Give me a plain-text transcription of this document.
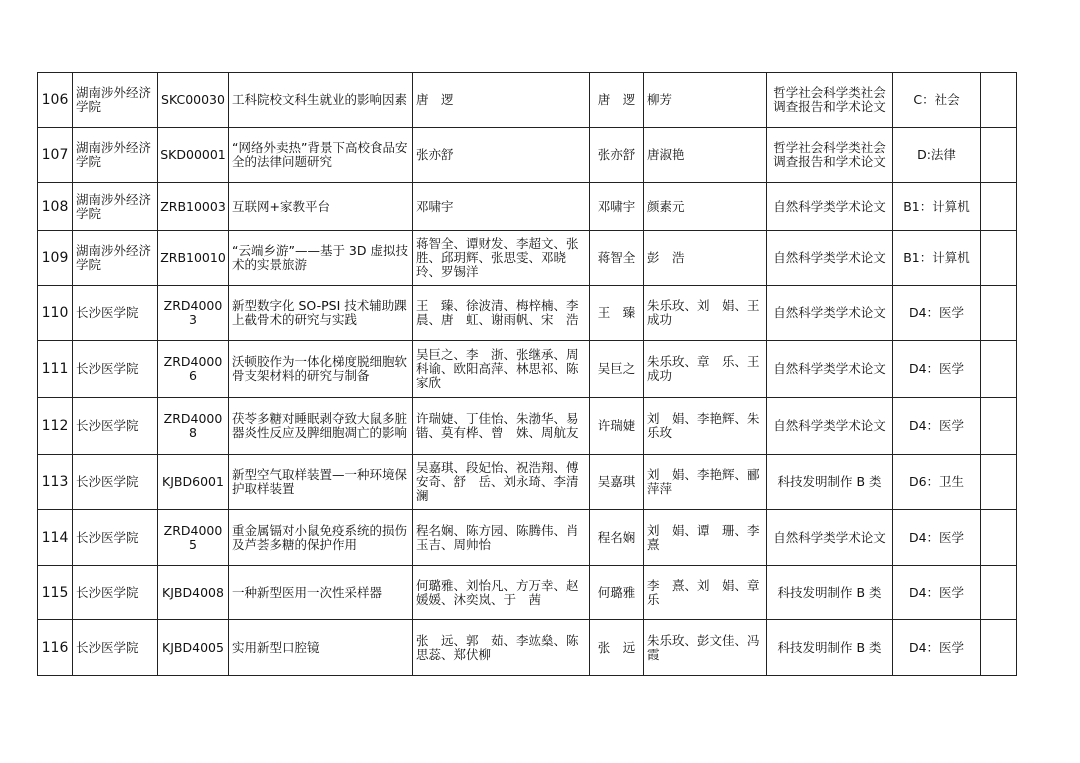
106	湖南涉外经济学院	SKC00030	工科院校文科生就业的影响因素	唐　逻	唐　逻	柳芳	哲学社会科学类社会调查报告和学术论文	C：社会	
107	湖南涉外经济学院	SKD00001	“网络外卖热”背景下高校食品安全的法律问题研究	张亦舒	张亦舒	唐淑艳	哲学社会科学类社会调查报告和学术论文	D:法律	
108	湖南涉外经济学院	ZRB10003	互联网+家教平台	邓啸宇	邓啸宇	颜素元	自然科学类学术论文	B1：计算机	
109	湖南涉外经济学院	ZRB10010	“云端乡游”——基于 3D 虚拟技术的实景旅游	蒋智全、谭财发、李超文、张　胜、邱玥辉、张思雯、邓晓玲、罗锡洋	蒋智全	彭　浩	自然科学类学术论文	B1：计算机	
110	长沙医学院	ZRD40003	新型数字化 SO-PSI 技术辅助踝上截骨术的研究与实践	王　臻、徐波清、梅梓楠、李　晨、唐　虹、谢雨帆、宋　浩	王　臻	朱乐玫、刘　娟、王成功	自然科学类学术论文	D4：医学	
111	长沙医学院	ZRD40006	沃顿胶作为一体化梯度脱细胞软骨支架材料的研究与制备	吴巨之、李　浙、张继承、周科谕、欧阳高萍、林思祁、陈家欣	吴巨之	朱乐玫、章　乐、王成功	自然科学类学术论文	D4：医学	
112	长沙医学院	ZRD40008	茯苓多糖对睡眠剥夺致大鼠多脏器炎性反应及脾细胞凋亡的影响	许瑞婕、丁佳怡、朱渤华、易　锴、莫有桦、曾　姝、周航友	许瑞婕	刘　娟、李艳辉、朱乐玫	自然科学类学术论文	D4：医学	
113	长沙医学院	KJBD6001	新型空气取样装置—一种环境保护取样装置	吴嘉琪、段妃怡、祝浩翔、傅安奇、舒　岳、刘永琦、李清澜	吴嘉琪	刘　娟、李艳辉、郦萍萍	科技发明制作 B 类	D6：卫生	
114	长沙医学院	ZRD40005	重金属镉对小鼠免疫系统的损伤及芦荟多糖的保护作用	程名娴、陈方园、陈腾伟、肖玉吉、周帅怡	程名娴	刘　娟、谭　珊、李　熹	自然科学类学术论文	D4：医学	
115	长沙医学院	KJBD4008	一种新型医用一次性采样器	何璐雅、刘怡凡、方万幸、赵媛媛、沐奕岚、于　茜	何璐雅	李　熹、刘　娟、章　乐	科技发明制作 B 类	D4：医学	
116	长沙医学院	KJBD4005	实用新型口腔镜	张　远、郭　茹、李竑燊、陈思蕊、郑伏柳	张　远	朱乐玫、彭文佳、冯　霞	科技发明制作 B 类	D4：医学	
